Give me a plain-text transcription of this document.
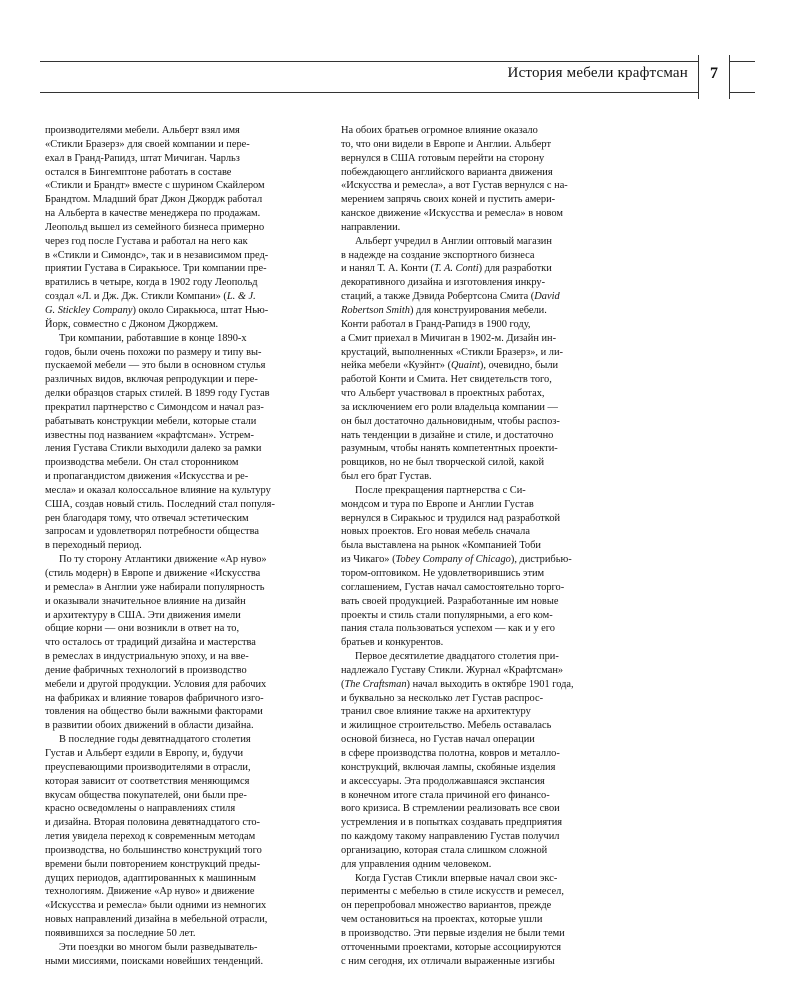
История мебели крафтсман	7
производителями мебели. Альберт взял имя
«Стикли Бразерз» для своей компании и пере-
ехал в Гранд-Рапидз, штат Мичиган. Чарльз
остался в Бингемптоне работать в составе
«Стикли и Брандт» вместе с шурином Скайлером
Брандтом. Младший брат Джон Джордж работал
на Альберта в качестве менеджера по продажам.
Леопольд вышел из семейного бизнеса примерно
через год после Густава и работал на него как
в «Стикли и Симондс», так и в независимом пред-
приятии Густава в Сиракьюсе. Три компании пре-
вратились в четыре, когда в 1902 году Леопольд
создал «Л. и Дж. Дж. Стикли Компани» (L. & J.
G. Stickley Company) около Сиракьюса, штат Нью-
Йорк, совместно с Джоном Джорджем.
Три компании, работавшие в конце 1890-х
годов, были очень похожи по размеру и типу вы-
пускаемой мебели — это были в основном стулья
различных видов, включая репродукции и пере-
делки образцов старых стилей. В 1899 году Густав
прекратил партнерство с Симондсом и начал раз-
рабатывать конструкции мебели, которые стали
известны под названием «крафтсман». Устрем-
ления Густава Стикли выходили далеко за рамки
производства мебели. Он стал сторонником
и пропагандистом движения «Искусства и ре-
месла» и оказал колоссальное влияние на культуру
США, создав новый стиль. Последний стал популя-
рен благодаря тому, что отвечал эстетическим
запросам и удовлетворял потребности общества
в переходный период.
По ту сторону Атлантики движение «Ар нуво»
(стиль модерн) в Европе и движение «Искусства
и ремесла» в Англии уже набирали популярность
и оказывали значительное влияние на дизайн
и архитектуру в США. Эти движения имели
общие корни — они возникли в ответ на то,
что осталось от традиций дизайна и мастерства
в ремеслах в индустриальную эпоху, и на вве-
дение фабричных технологий в производство
мебели и другой продукции. Условия для рабочих
на фабриках и влияние товаров фабричного изго-
товления на общество были важными факторами
в развитии обоих движений в области дизайна.
В последние годы девятнадцатого столетия
Густав и Альберт ездили в Европу, и, будучи
преуспевающими производителями в отрасли,
которая зависит от соответствия меняющимся
вкусам общества покупателей, они были пре-
красно осведомлены о направлениях стиля
и дизайна. Вторая половина девятнадцатого сто-
летия увидела переход к современным методам
производства, но большинство конструкций того
времени были повторением конструкций преды-
дущих периодов, адаптированных к машинным
технологиям. Движение «Ар нуво» и движение
«Искусства и ремесла» были одними из немногих
новых направлений дизайна в мебельной отрасли,
появившихся за последние 50 лет.
Эти поездки во многом были разведыватель-
ными миссиями, поисками новейших тенденций.
На обоих братьев огромное влияние оказало
то, что они видели в Европе и Англии. Альберт
вернулся в США готовым перейти на сторону
побеждающего английского варианта движения
«Искусства и ремесла», а вот Густав вернулся с на-
мерением запрячь своих коней и пустить амери-
канское движение «Искусства и ремесла» в новом
направлении.
Альберт учредил в Англии оптовый магазин
в надежде на создание экспортного бизнеса
и нанял Т. А. Конти (T. A. Conti) для разработки
декоративного дизайна и изготовления инкру-
стаций, а также Дэвида Робертсона Смита (David
Robertson Smith) для конструирования мебели.
Конти работал в Гранд-Рапидз в 1900 году,
а Смит приехал в Мичиган в 1902-м. Дизайн ин-
крустаций, выполненных «Стикли Бразерз», и ли-
нейка мебели «Куэйнт» (Quaint), очевидно, были
работой Конти и Смита. Нет свидетельств того,
что Альберт участвовал в проектных работах,
за исключением его роли владельца компании —
он был достаточно дальновидным, чтобы распоз-
нать тенденции в дизайне и стиле, и достаточно
разумным, чтобы нанять компетентных проекти-
ровщиков, но не был творческой силой, какой
был его брат Густав.
После прекращения партнерства с Си-
мондсом и тура по Европе и Англии Густав
вернулся в Сиракьюс и трудился над разработкой
новых проектов. Его новая мебель сначала
была выставлена на рынок «Компанией Тоби
из Чикаго» (Tobey Company of Chicago), дистрибью-
тором-оптовиком. Не удовлетворившись этим
соглашением, Густав начал самостоятельно торго-
вать своей продукцией. Разработанные им новые
проекты и стиль стали популярными, а его ком-
пания стала пользоваться успехом — как и у его
братьев и конкурентов.
Первое десятилетие двадцатого столетия при-
надлежало Густаву Стикли. Журнал «Крафтсман»
(The Craftsman) начал выходить в октябре 1901 года,
и буквально за несколько лет Густав распрос-
транил свое влияние также на архитектуру
и жилищное строительство. Мебель оставалась
основой бизнеса, но Густав начал операции
в сфере производства полотна, ковров и металло-
конструкций, включая лампы, скобяные изделия
и аксессуары. Эта продолжавшаяся экспансия
в конечном итоге стала причиной его финансо-
вого кризиса. В стремлении реализовать все свои
устремления и в попытках создавать предприятия
по каждому такому направлению Густав получил
организацию, которая стала слишком сложной
для управления одним человеком.
Когда Густав Стикли впервые начал свои экс-
перименты с мебелью в стиле искусств и ремесел,
он перепробовал множество вариантов, прежде
чем остановиться на проектах, которые ушли
в производство. Эти первые изделия не были теми
отточенными проектами, которые ассоциируются
с ним сегодня, их отличали выраженные изгибы
